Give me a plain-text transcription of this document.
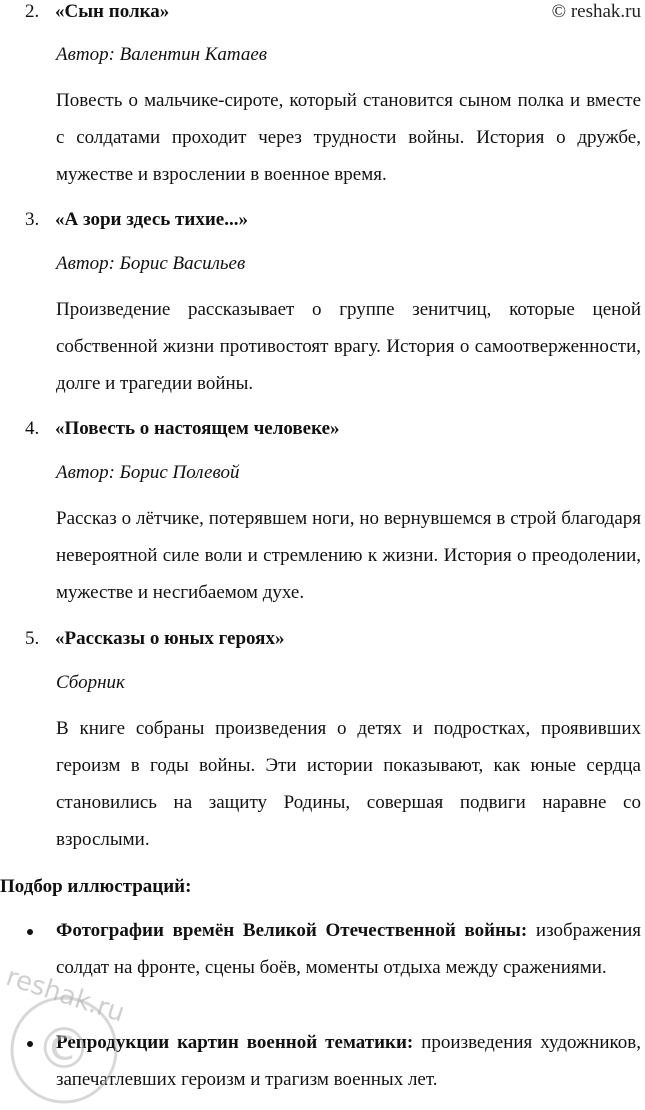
© reshak.ru
2. «Сын полка»
Автор: Валентин Катаев
Повесть о мальчике-сироте, который становится сыном полка и вместе с солдатами проходит через трудности войны. История о дружбе, мужестве и взрослении в военное время.
3. «А зори здесь тихие...»
Автор: Борис Васильев
Произведение рассказывает о группе зенитчиц, которые ценой собственной жизни противостоят врагу. История о самоотверженности, долге и трагедии войны.
4. «Повесть о настоящем человеке»
Автор: Борис Полевой
Рассказ о лётчике, потерявшем ноги, но вернувшемся в строй благодаря невероятной силе воли и стремлению к жизни. История о преодолении, мужестве и несгибаемом духе.
5. «Рассказы о юных героях»
Сборник
В книге собраны произведения о детях и подростках, проявивших героизм в годы войны. Эти истории показывают, как юные сердца становились на защиту Родины, совершая подвиги наравне со взрослыми.
Подбор иллюстраций:
Фотографии времён Великой Отечественной войны: изображения солдат на фронте, сцены боёв, моменты отдыха между сражениями.
Репродукции картин военной тематики: произведения художников, запечатлевших героизм и трагизм военных лет.
©
reshak.ru
